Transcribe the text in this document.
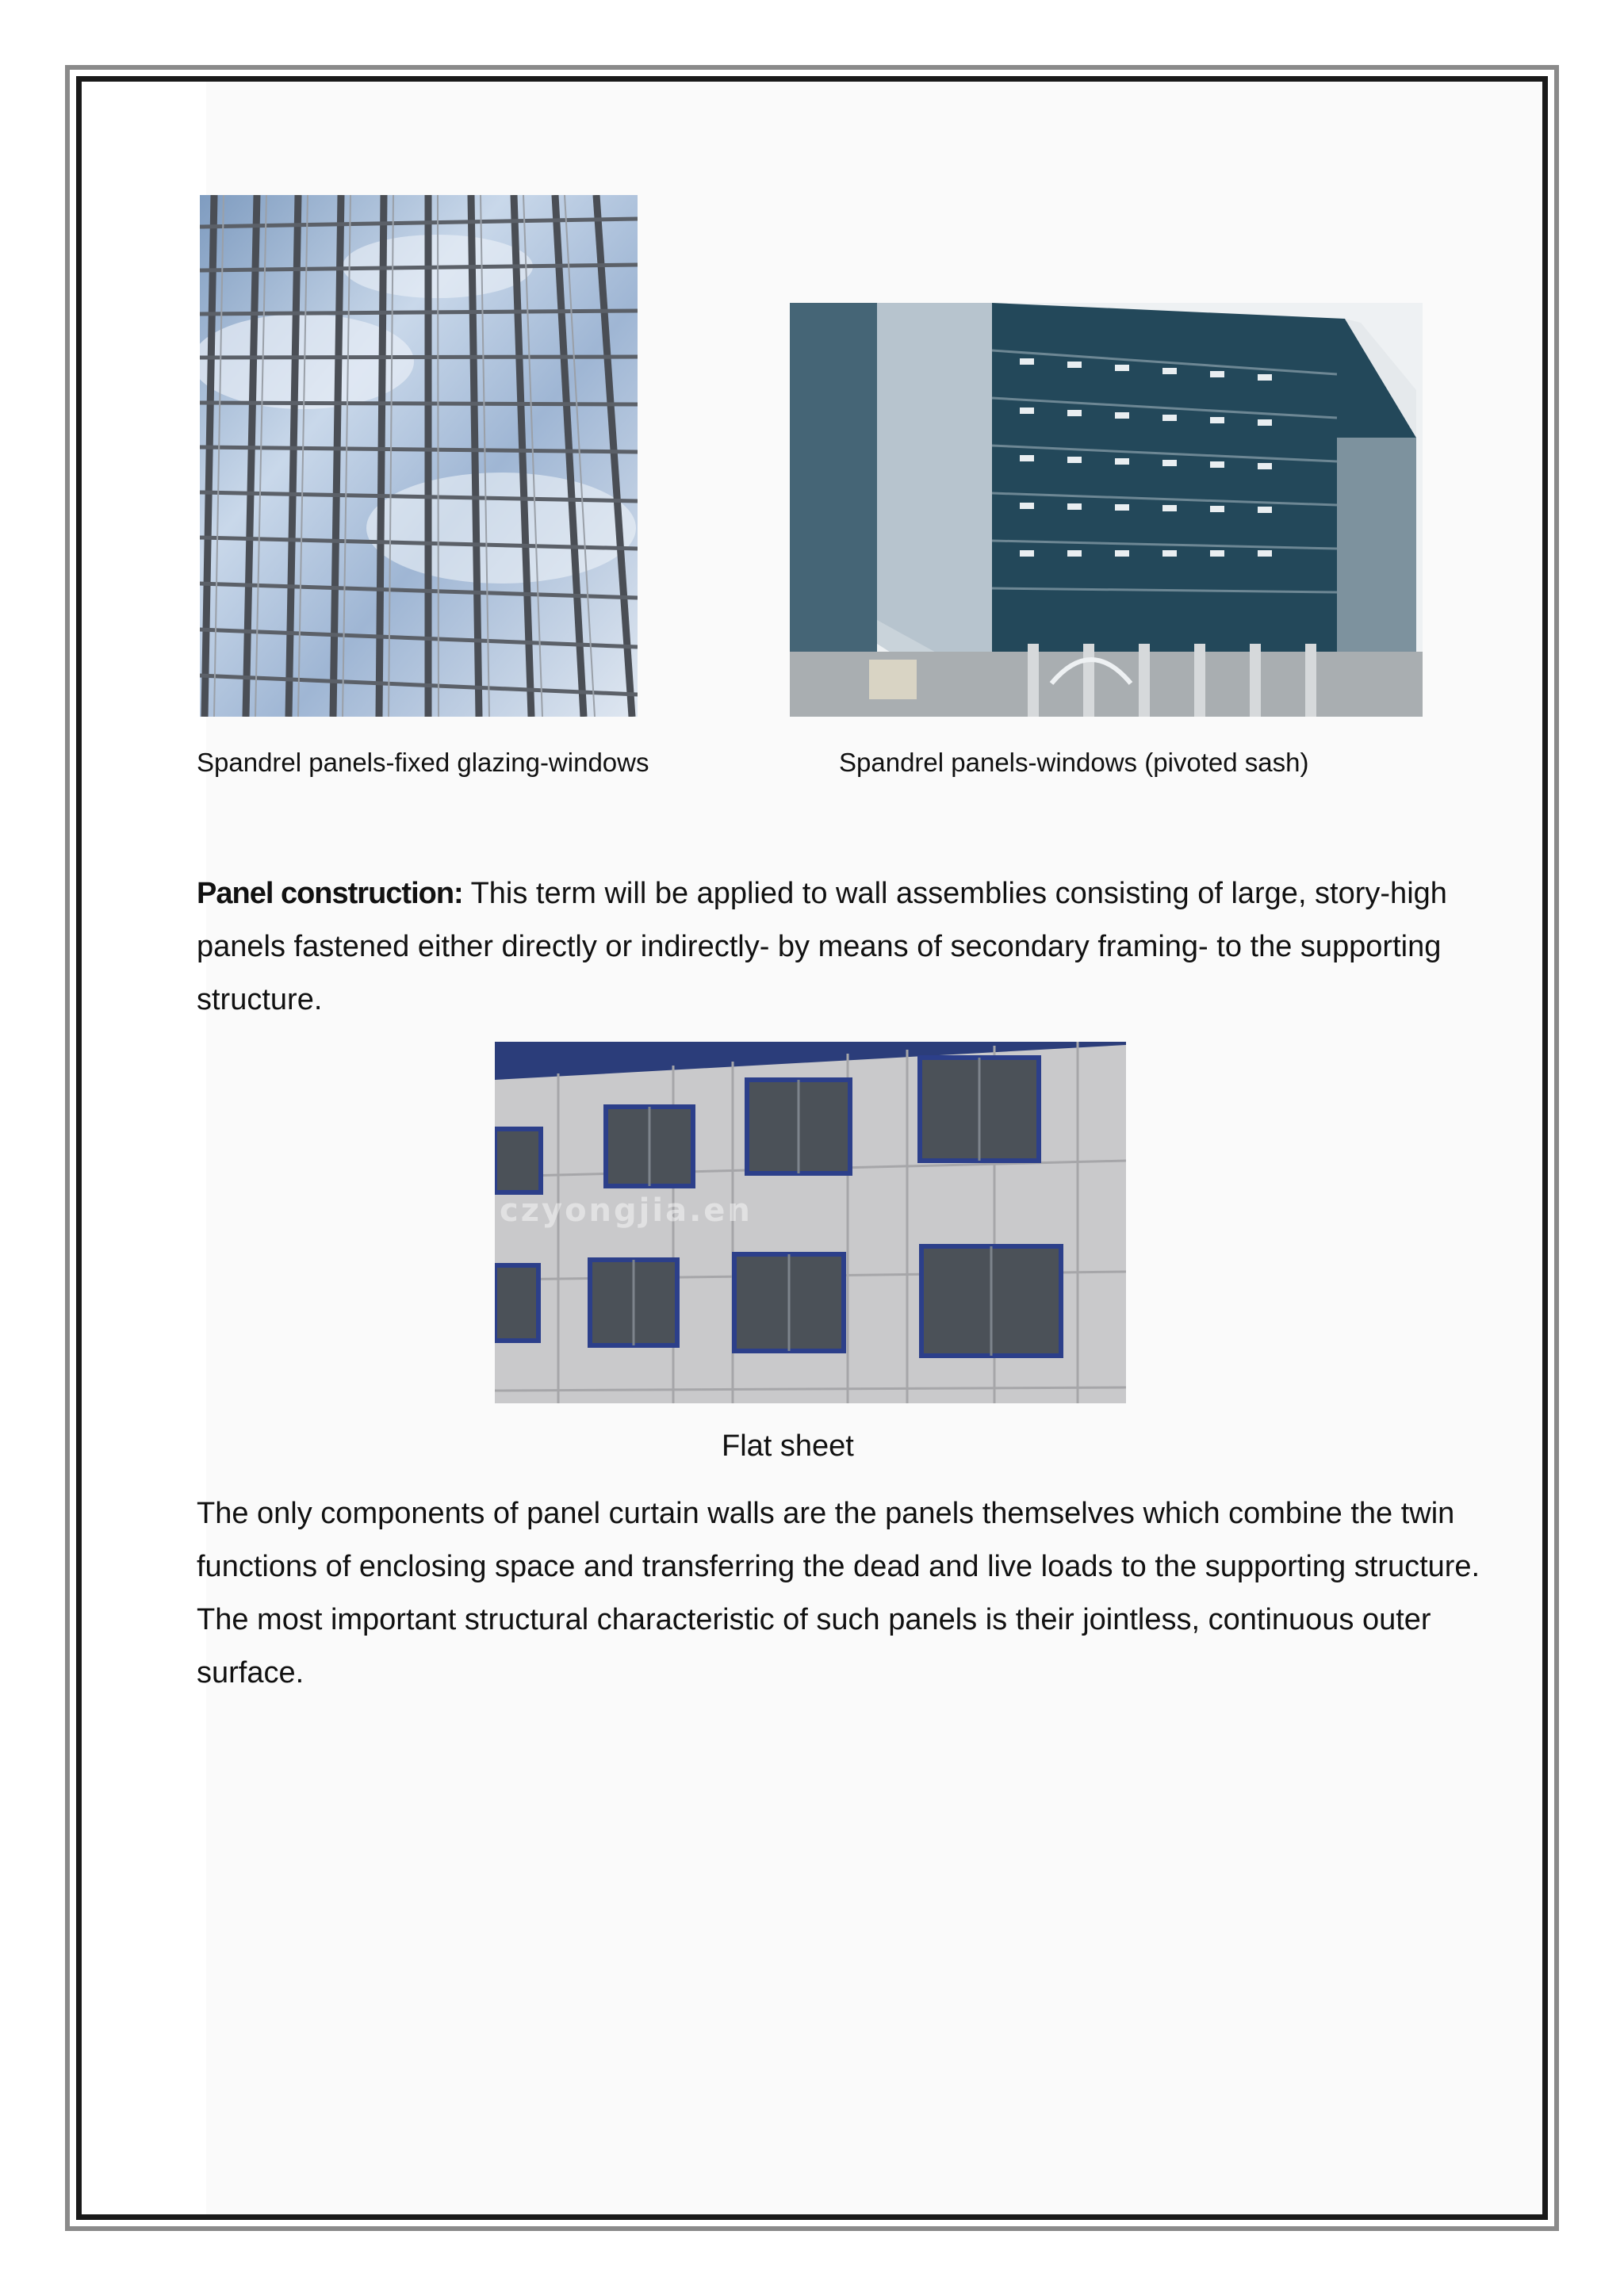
Spandrel panels-fixed glazing-windows	Spandrel panels-windows (pivoted sash)
Panel construction: This term will be applied to wall assemblies consisting of large, story-high panels fastened either directly or indirectly- by means of secondary framing- to the supporting structure.
czyongjia.en
Flat sheet
The only components of panel curtain walls are the panels themselves which combine the twin functions of enclosing space and transferring the dead and live loads to the supporting structure. The most important structural characteristic of such panels is their jointless, continuous outer surface.
